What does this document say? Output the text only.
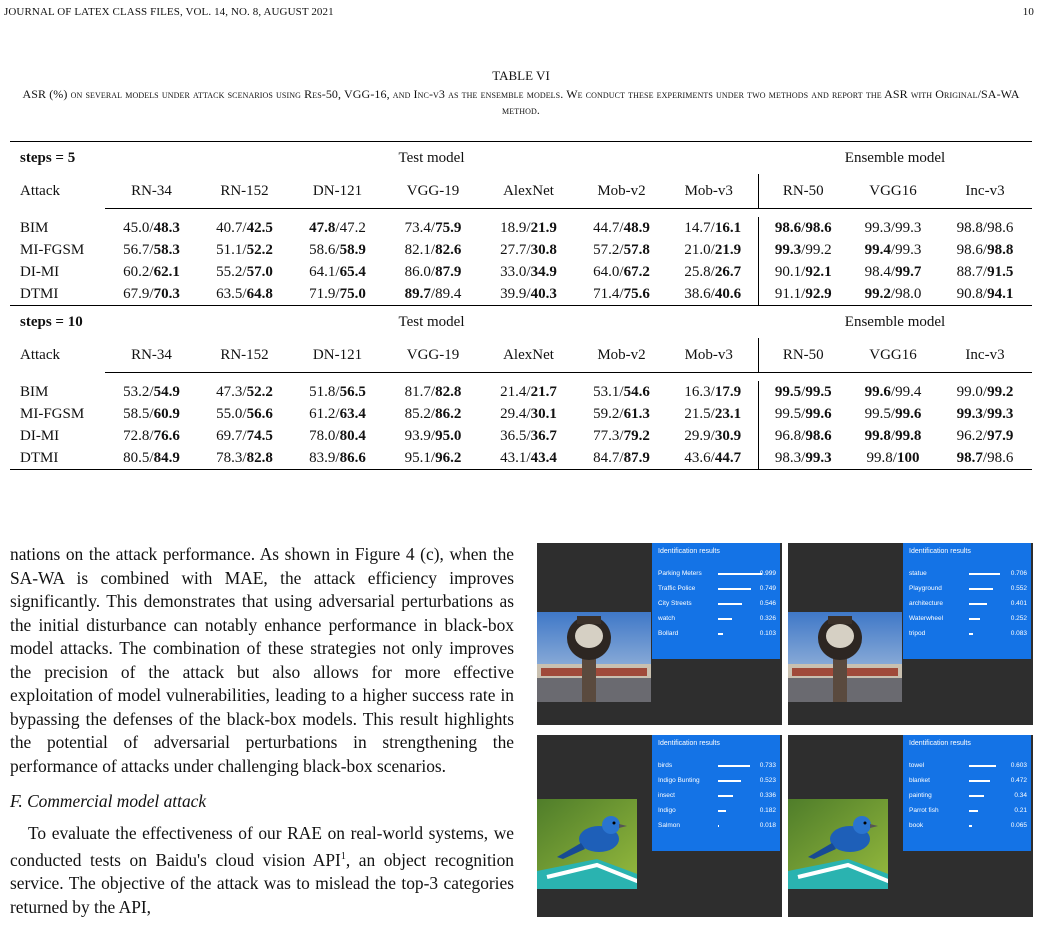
JOURNAL OF LATEX CLASS FILES, VOL. 14, NO. 8, AUGUST 2021	10
TABLE VI
ASR (%) on several models under attack scenarios using Res-50, VGG-16, and Inc-v3 as the ensemble models. We conduct these experiments under two methods and report the ASR with Original/SA-WA method.
steps = 5	Test model							Ensemble model		
Attack	RN-34	RN-152	DN-121	VGG-19	AlexNet	Mob-v2	Mob-v3	RN-50	VGG16	Inc-v3

BIM	45.0/48.3	40.7/42.5	47.8/47.2	73.4/75.9	18.9/21.9	44.7/48.9	14.7/16.1	98.6/98.6	99.3/99.3	98.8/98.6
MI-FGSM	56.7/58.3	51.1/52.2	58.6/58.9	82.1/82.6	27.7/30.8	57.2/57.8	21.0/21.9	99.3/99.2	99.4/99.3	98.6/98.8
DI-MI	60.2/62.1	55.2/57.0	64.1/65.4	86.0/87.9	33.0/34.9	64.0/67.2	25.8/26.7	90.1/92.1	98.4/99.7	88.7/91.5
DTMI	67.9/70.3	63.5/64.8	71.9/75.0	89.7/89.4	39.9/40.3	71.4/75.6	38.6/40.6	91.1/92.9	99.2/98.0	90.8/94.1
steps = 10	Test model							Ensemble model		
Attack	RN-34	RN-152	DN-121	VGG-19	AlexNet	Mob-v2	Mob-v3	RN-50	VGG16	Inc-v3

BIM	53.2/54.9	47.3/52.2	51.8/56.5	81.7/82.8	21.4/21.7	53.1/54.6	16.3/17.9	99.5/99.5	99.6/99.4	99.0/99.2
MI-FGSM	58.5/60.9	55.0/56.6	61.2/63.4	85.2/86.2	29.4/30.1	59.2/61.3	21.5/23.1	99.5/99.6	99.5/99.6	99.3/99.3
DI-MI	72.8/76.6	69.7/74.5	78.0/80.4	93.9/95.0	36.5/36.7	77.3/79.2	29.9/30.9	96.8/98.6	99.8/99.8	96.2/97.9
DTMI	80.5/84.9	78.3/82.8	83.9/86.6	95.1/96.2	43.1/43.4	84.7/87.9	43.6/44.7	98.3/99.3	99.8/100	98.7/98.6

nations on the attack performance. As shown in Figure 4 (c), when the SA-WA is combined with MAE, the attack efficiency improves significantly. This demonstrates that using adversarial perturbations as the initial disturbance can notably enhance performance in black-box model attacks. The combination of these strategies not only improves the precision of the attack but also allows for more effective exploitation of model vulnerabilities, leading to a higher success rate in bypassing the defenses of the black-box models. This result highlights the potential of adversarial perturbations in strengthening the performance of attacks under challenging black-box scenarios.

F. Commercial model attack

To evaluate the effectiveness of our RAE on real-world systems, we conducted tests on Baidu's cloud vision API$^1$, an object recognition service. The objective of the attack was to mislead the top-3 categories returned by the API,

Identification results
Parking Meters	0.999
Traffic Police	0.749
City Streets	0.546
watch	0.326
Bollard	0.103
Identification results
statue	0.706
Playground	0.552
architecture	0.401
Waterwheel	0.252
tripod	0.083
Identification results
birds	0.733
Indigo Bunting	0.523
insect	0.336
Indigo	0.182
Salmon	0.018
Identification results
towel	0.603
blanket	0.472
painting	0.34
Parrot fish	0.21
book	0.065
